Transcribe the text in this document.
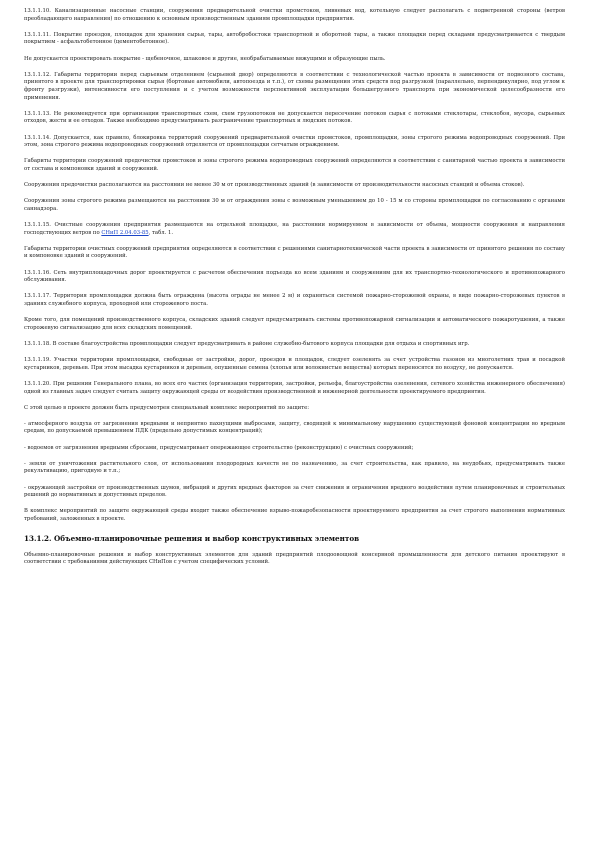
13.1.1.10. Канализационные насосные станции, сооружения предварительной очистки промстоков, ливневых вод, котельную следует располагать с подветренной стороны (ветров преобладающего направления) по отношению к основным производственным зданиям промплощадки предприятия.

13.1.1.11. Покрытие проездов, площадок для хранения сырья, тары, автобробостоки транспортной и оборотной тары, а также площадки перед складами предусматривается с твердым покрытием - асфальтобетонное (цементобетонное).

Не допускается проектировать покрытие - щебеночное, шлаковое и другие, необрабатываемые вяжущими и образующие пыль.

13.1.1.12. Габариты территории перед сырьевым отделением (сырьевой двор) определяются в соответствии с технологической частью проекта в зависимости от подвозного состава, принятого в проекте для транспортировки сырья (бортовые автомобили, автопоезда и т.п.), от схемы размещения этих средств под разгрузкой (параллельно, перпендикулярно, под углом к фронту разгрузки), интенсивности его поступления и с учетом возможности перспективной эксплуатации большегрузного транспорта при экономической целесообразности его применения.

13.1.1.13. Не рекомендуется при организации транспортных схем, схем грузопотоков не допускается пересечение потоков сырья с потоками стеклотары, стеклобоя, мусора, сырьевых отходов, жести и ее отходов. Также необходимо предусматривать разграничение транспортных и людских потоков.

13.1.1.14. Допускается, как правило, блокировка территорий сооружений предварительной очистки промстоков, промплощадки, зоны строгого режима водопроводных сооружений. При этом, зона строгого режима водопроводных сооружений отделяется от промплощадки сетчатым ограждением.

Габариты территории сооружений предочистки промстоков и зоны строгого режима водопроводных сооружений определяются в соответствии с санитарной частью проекта в зависимости от состава и компоновки зданий и сооружений.

Сооружения предочистки располагаются на расстоянии не менее 30 м от производственных зданий (в зависимости от производительности насосных станций и объема стоков).

Сооружения зоны строгого режима размещаются на расстоянии 30 м от ограждения зоны с возможным уменьшением до 10 - 15 м со стороны промплощадки по согласованию с органами саннадзора.

13.1.1.15. Очистные сооружения предприятия размещаются на отдельной площадке, на расстоянии нормируемом в зависимости от объема, мощности сооружения и направления господствующих ветров по СНиП 2.04.03-85, табл. 1.

Габариты территории очистных сооружений предприятия определяются в соответствии с решениями санитарнотехнической части проекта в зависимости от принятого решения по составу и компоновке зданий и сооружений.

13.1.1.16. Сеть внутриплощадочных дорог проектируется с расчетом обеспечения подъезда ко всем зданиям и сооружениям для их транспортно-технологического и противопожарного обслуживания.

13.1.1.17. Территория промплощадки должна быть ограждена (высота ограды не менее 2 м) и охраняться системой пожарно-сторожевой охраны, в виде пожарно-сторожевых пунктов в зданиях служебного корпуса, проходной или сторожевого поста.

Кроме того, для помещений производственного корпуса, складских зданий следует предусматривать системы противопожарной сигнализации и автоматического пожаротушения, а также сторожевую сигнализацию для всех складских помещений.

13.1.1.18. В составе благоустройства промплощадки следует предусматривать в районе служебно-бытового корпуса площадки для отдыха и спортивных игр.

13.1.1.19. Участки территории промплощадки, свободные от застройки, дорог, проездов и площадок, следует озеленять за счет устройства газонов из многолетних трав и посадкой кустарников, деревьев. При этом высадка кустарников и деревьев, опушенные семена (хлопья или волокнистые вещества) которых переносятся по воздуху, не допускается.

13.1.1.20. При решении Генерального плана, во всех его частях (организация территории, застройки, рельефа, благоустройства озеленения, сетевого хозяйства инженерного обеспечения) одной из главных задач следует считать защиту окружающей среды от воздействия производственной и инженерной деятельности проектируемого предприятия.

С этой целью в проекте должен быть предусмотрен специальный комплекс мероприятий по защите:

- атмосферного воздуха от загрязнения вредными и неприятно пахнущими выбросами, защиту, сводящей к минимальному нарушению существующей фоновой концентрации во вредным средам, по допускаемой превышением ПДК (предельно допустимых концентраций);

- водоемов от загрязнения вредными сбросами, предусматривает опережающее строительство (реконструкцию) с очистных сооружений;

- земли от уничтожения растительного слоя, от использования плодородных качеств не по назначению, за счет строительства, как правило, на неудобьях, предусматривать также рекультивацию, пригодную и т.п.;

- окружающей застройки от производственных шумов, вибраций и других вредных факторов за счет снижения и ограничения вредного воздействия путем планировочных и строительных решений до нормативных и допустимых пределов.

В комплекс мероприятий по защите окружающей среды входит также обеспечение взрыво-пожаробезопасности проектируемого предприятия за счет строгого выполнения нормативных требований, заложенных в проекте.

13.1.2. Объемно-планировочные решения и выбор конструктивных элементов

Объемно-планировочные решения и выбор конструктивных элементов для зданий предприятий плодоовощной консервной промышленности для детского питания проектируют в соответствии с требованиями действующих СНиПов с учетом специфических условий.
